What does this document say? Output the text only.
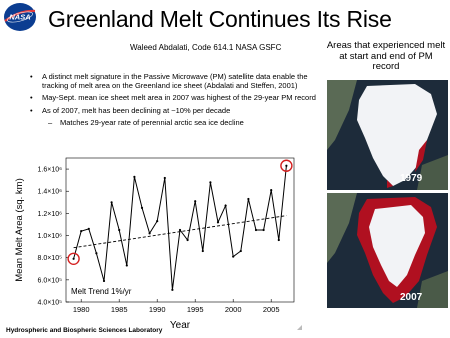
NASA Greenland Melt Continues Its Rise
Waleed Abdalati, Code 614.1 NASA GSFC	Areas that experienced melt at start and end of PM record
• A distinct melt signature in the Passive Microwave (PM) satellite data enable the tracking of melt area on the Greenland ice sheet (Abdalati and Steffen, 2001)
• May-Sept. mean ice sheet melt area in 2007 was highest of the 29-year PM record
• As of 2007, melt has been declining at ~10% per decade
– Matches 29-year rate of perennial arctic sea ice decline
4.0×10⁵
6.0×10⁵
8.0×10⁵
1.0×10⁶
1.2×10⁶
1.4×10⁶
1.6×10⁶
1980	1985	1990	1995	2000	2005
Melt Trend 1%/yr
Year
Mean Melt Area (sq. km)	1979
2007
Hydrospheric and Biospheric Sciences Laboratory
